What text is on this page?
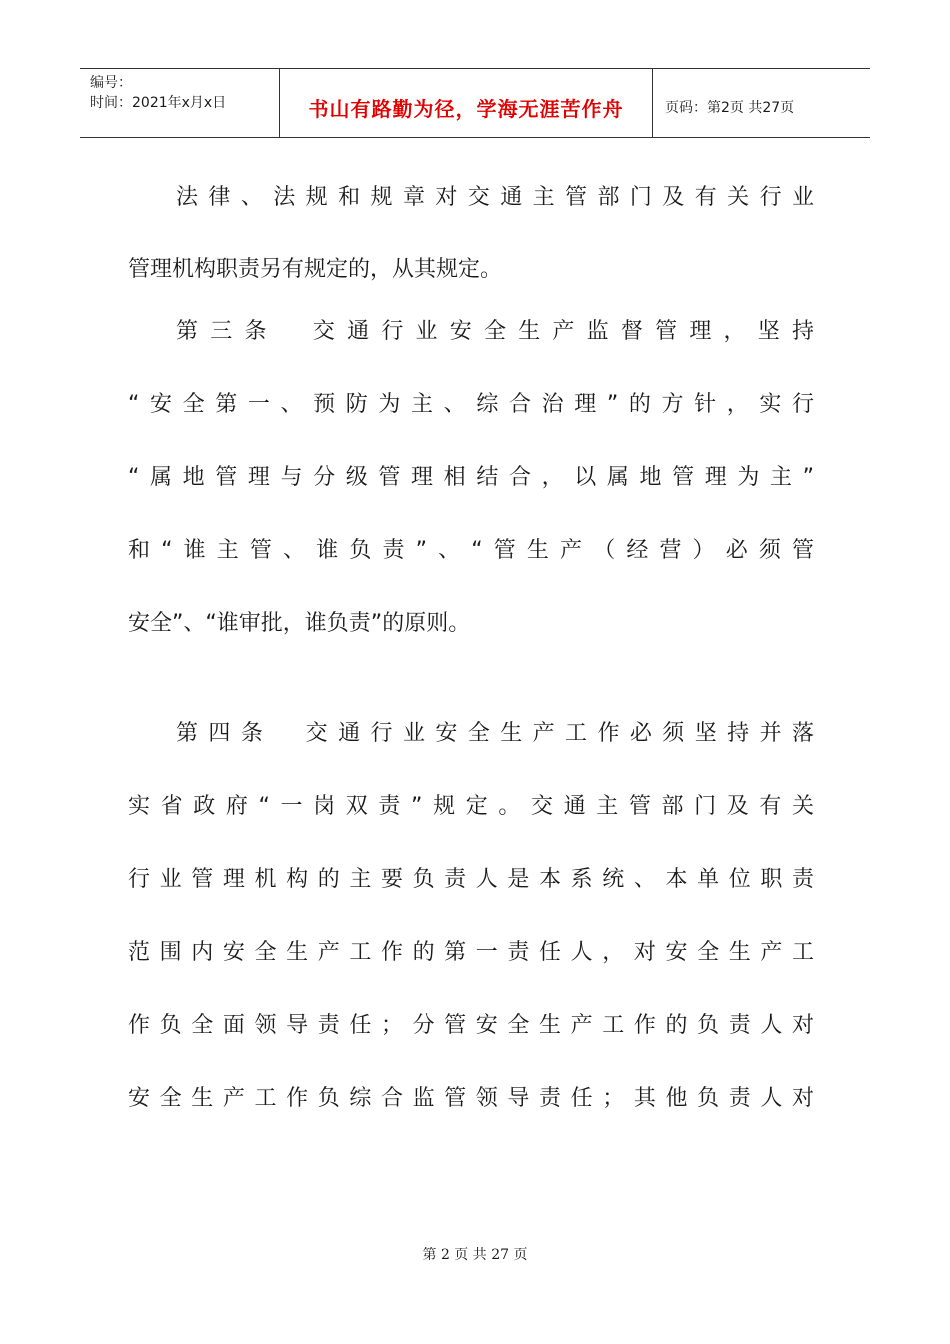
编号：
时间：2021年x月x日	书山有路勤为径，学海无涯苦作舟	页码：第2页 共27页
法律、法规和规章对交通主管部门及有关行业
管理机构职责另有规定的，从其规定。
第三条　交通行业安全生产监督管理，坚持
“安全第一、预防为主、综合治理”的方针，实行
“属地管理与分级管理相结合，以属地管理为主”
和“谁主管、谁负责”、“管生产（经营）必须管
安全”、“谁审批，谁负责”的原则。
第四条　交通行业安全生产工作必须坚持并落
实省政府“一岗双责”规定。交通主管部门及有关
行业管理机构的主要负责人是本系统、本单位职责
范围内安全生产工作的第一责任人，对安全生产工
作负全面领导责任；分管安全生产工作的负责人对
安全生产工作负综合监管领导责任；其他负责人对
第 2 页 共 27 页
